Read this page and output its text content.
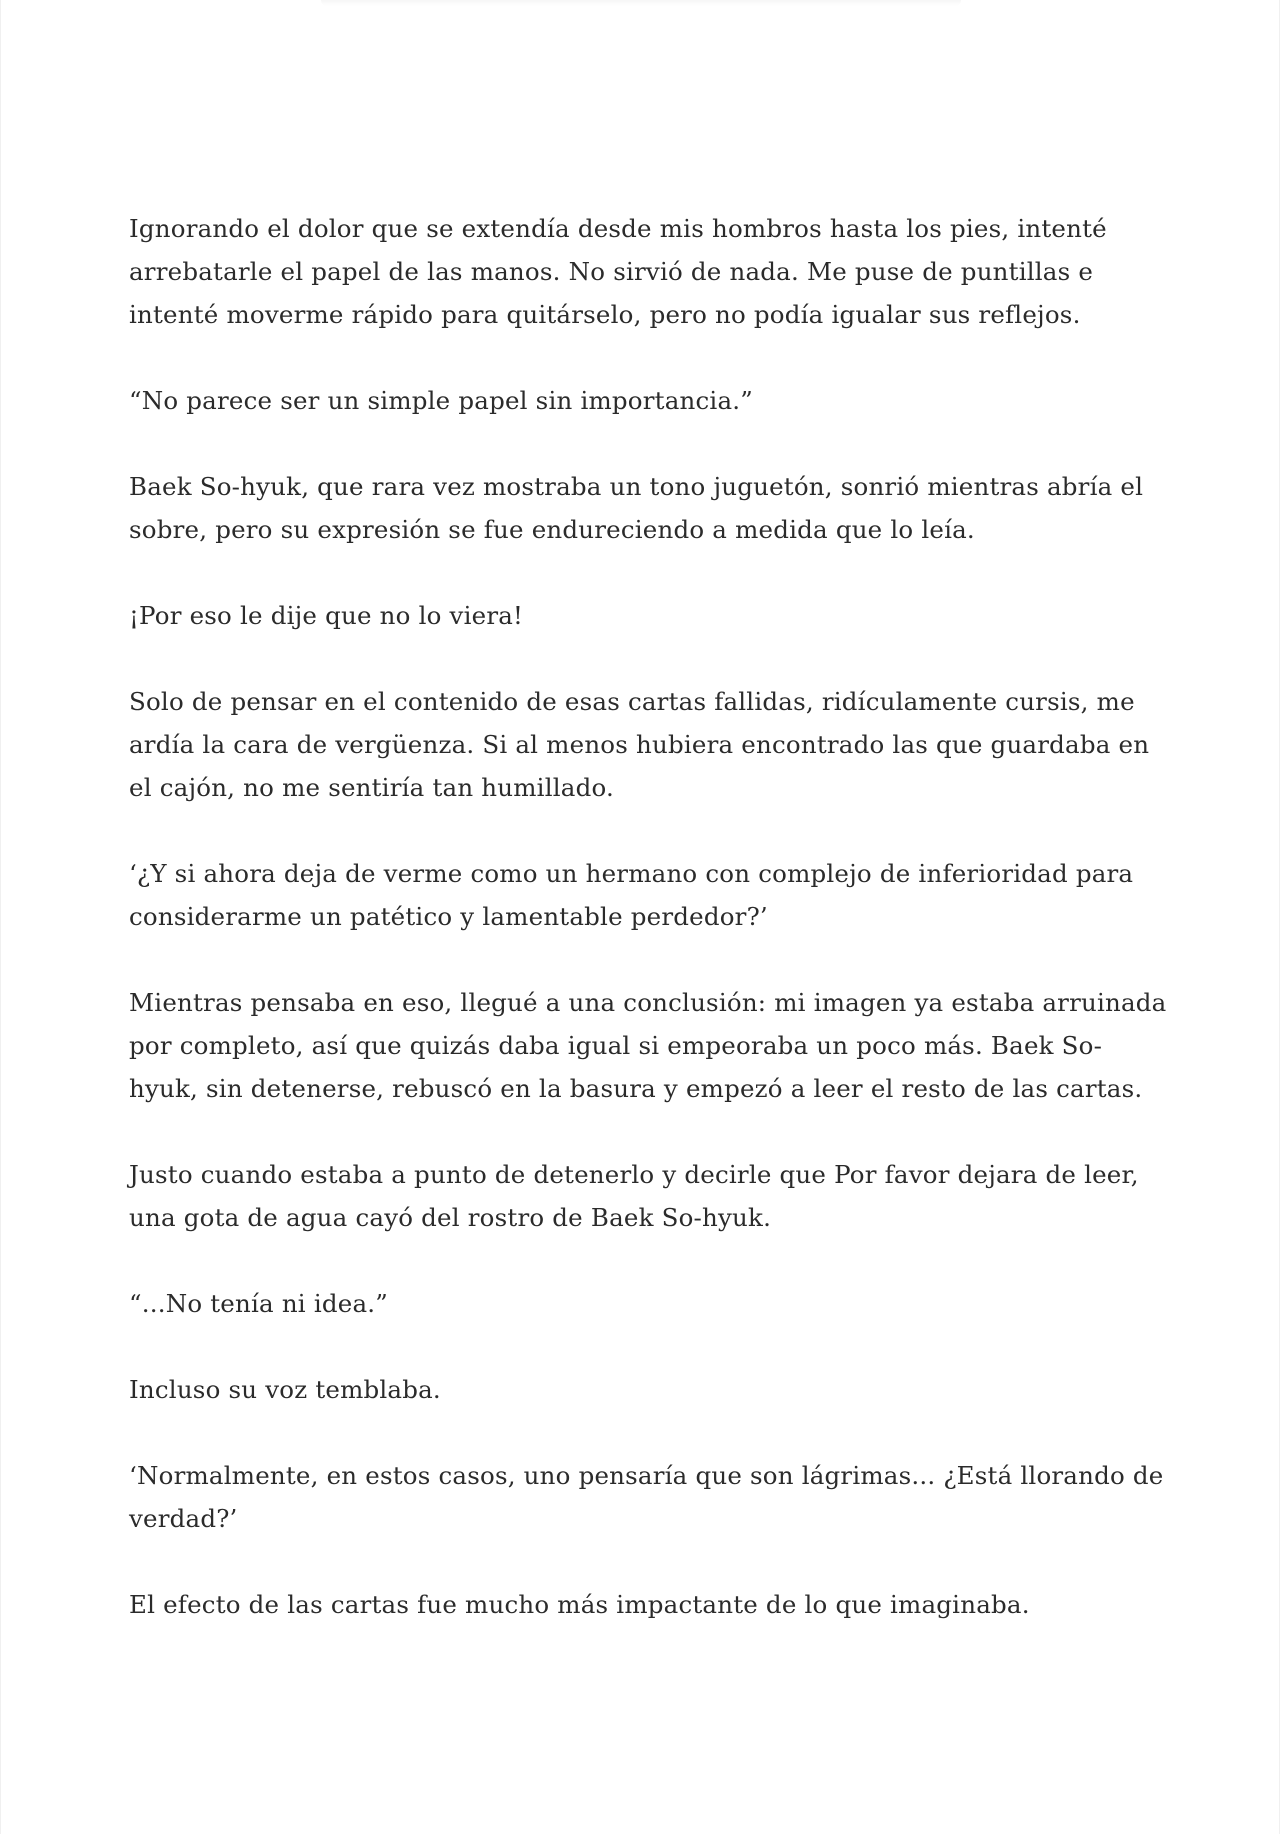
Ignorando el dolor que se extendía desde mis hombros hasta los pies, intenté arrebatarle el papel de las manos. No sirvió de nada. Me puse de puntillas e intenté moverme rápido para quitárselo, pero no podía igualar sus reflejos.

“No parece ser un simple papel sin importancia.”

Baek So-hyuk, que rara vez mostraba un tono juguetón, sonrió mientras abría el sobre, pero su expresión se fue endureciendo a medida que lo leía.

¡Por eso le dije que no lo viera!

Solo de pensar en el contenido de esas cartas fallidas, ridículamente cursis, me ardía la cara de vergüenza. Si al menos hubiera encontrado las que guardaba en el cajón, no me sentiría tan humillado.

‘¿Y si ahora deja de verme como un hermano con complejo de inferioridad para considerarme un patético y lamentable perdedor?’

Mientras pensaba en eso, llegué a una conclusión: mi imagen ya estaba arruinada por completo, así que quizás daba igual si empeoraba un poco más. Baek So-hyuk, sin detenerse, rebuscó en la basura y empezó a leer el resto de las cartas.

Justo cuando estaba a punto de detenerlo y decirle que Por favor dejara de leer, una gota de agua cayó del rostro de Baek So-hyuk.

“...No tenía ni idea.”

Incluso su voz temblaba.

‘Normalmente, en estos casos, uno pensaría que son lágrimas... ¿Está llorando de verdad?’

El efecto de las cartas fue mucho más impactante de lo que imaginaba.
